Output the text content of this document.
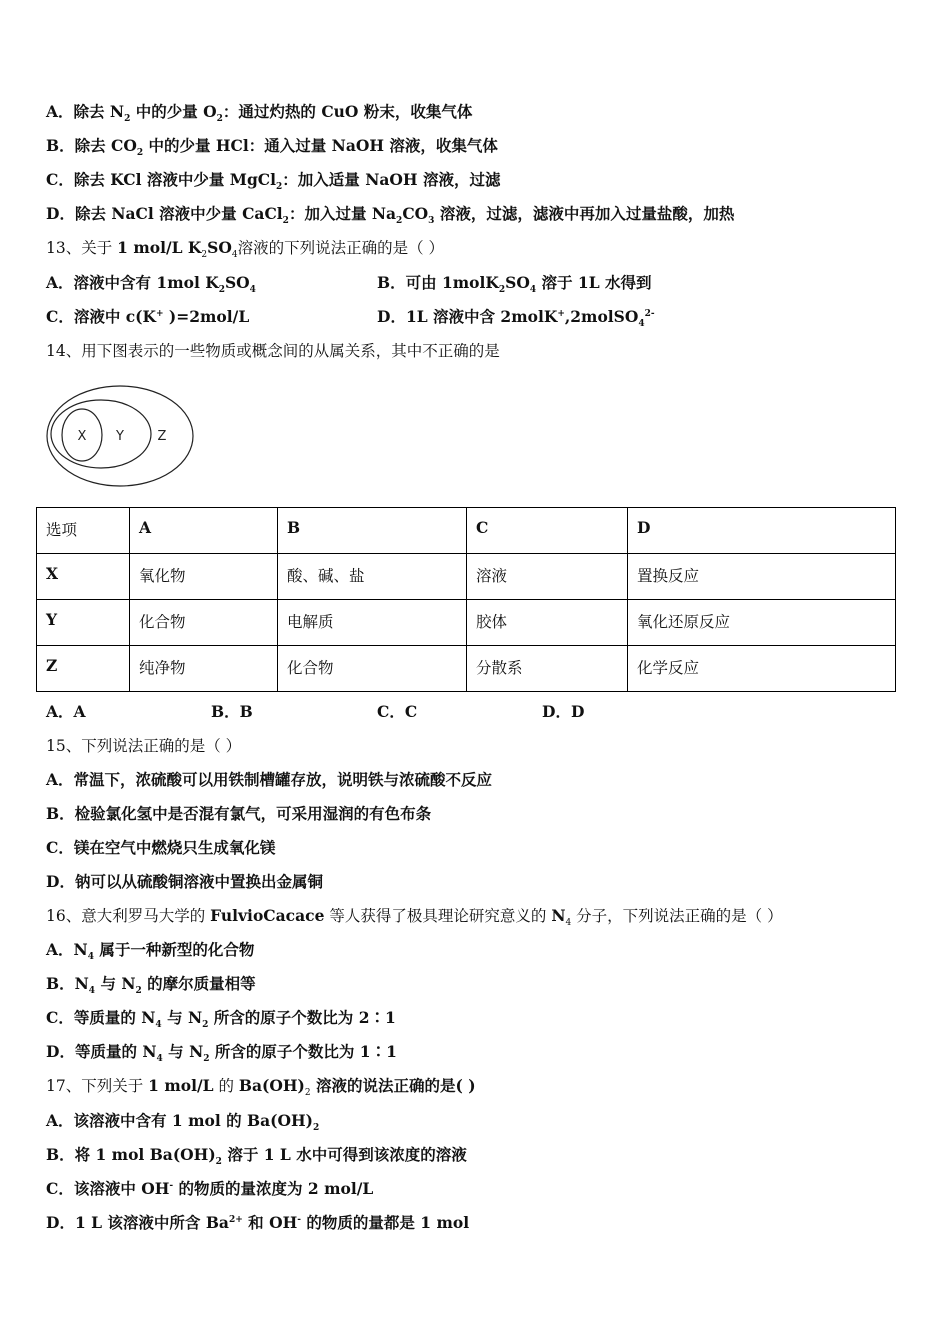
A．除去 $N_2$ 中的少量 $O_2$：通过灼热的 CuO 粉末，收集气体
B．除去 $CO_2$ 中的少量 HCl：通入过量 NaOH 溶液，收集气体
C．除去 KCl 溶液中少量 MgCl$_2$：加入适量 NaOH 溶液，过滤
D．除去 NaCl 溶液中少量 CaCl$_2$：加入过量 $Na_2CO_3$ 溶液，过滤，滤液中再加入过量盐酸，加热
13、关于 1 mol/L $K_2SO_4$溶液的下列说法正确的是（ ）
A．溶液中含有 1mol $K_2SO_4$	B．可由 $1molK_2SO_4$ 溶于 1L 水得到
C．溶液中 c(K+ )=2mol/L	D．1L 溶液中含 2molK+,2molSO$_4^{2-}$
14、用下图表示的一些物质或概念间的从属关系，其中不正确的是
X Y	Z
选项	A	B	C	D
X	氧化物	酸、碱、盐	溶液	置换反应
Y	化合物	电解质	胶体	氧化还原反应
Z	纯净物	化合物	分散系	化学反应
A．A	B．B	C．C	D．D
15、下列说法正确的是（ ）
A．常温下，浓硫酸可以用铁制槽罐存放，说明铁与浓硫酸不反应
B．检验氯化氢中是否混有氯气，可采用湿润的有色布条
C．镁在空气中燃烧只生成氧化镁
D．钠可以从硫酸铜溶液中置换出金属铜
16、意大利罗马大学的 FulvioCacace 等人获得了极具理论研究意义的 $N_4$ 分子，下列说法正确的是（ ）
A．$N_4$ 属于一种新型的化合物
B．$N_4$ 与 $N_2$ 的摩尔质量相等
C．等质量的 $N_4$ 与 $N_2$ 所含的原子个数比为 2∶1
D．等质量的 $N_4$ 与 $N_2$ 所含的原子个数比为 1∶1
17、下列关于 1 mol/L 的 $Ba(OH)_2$ 溶液的说法正确的是( )
A．该溶液中含有 1 mol 的 $Ba(OH)_2$
B．将 1 mol $Ba(OH)_2$ 溶于 1 L 水中可得到该浓度的溶液
C．该溶液中 OH- 的物质的量浓度为 2 mol/L
D．1 L 该溶液中所含 $Ba^{2+}$ 和 OH- 的物质的量都是 1 mol
